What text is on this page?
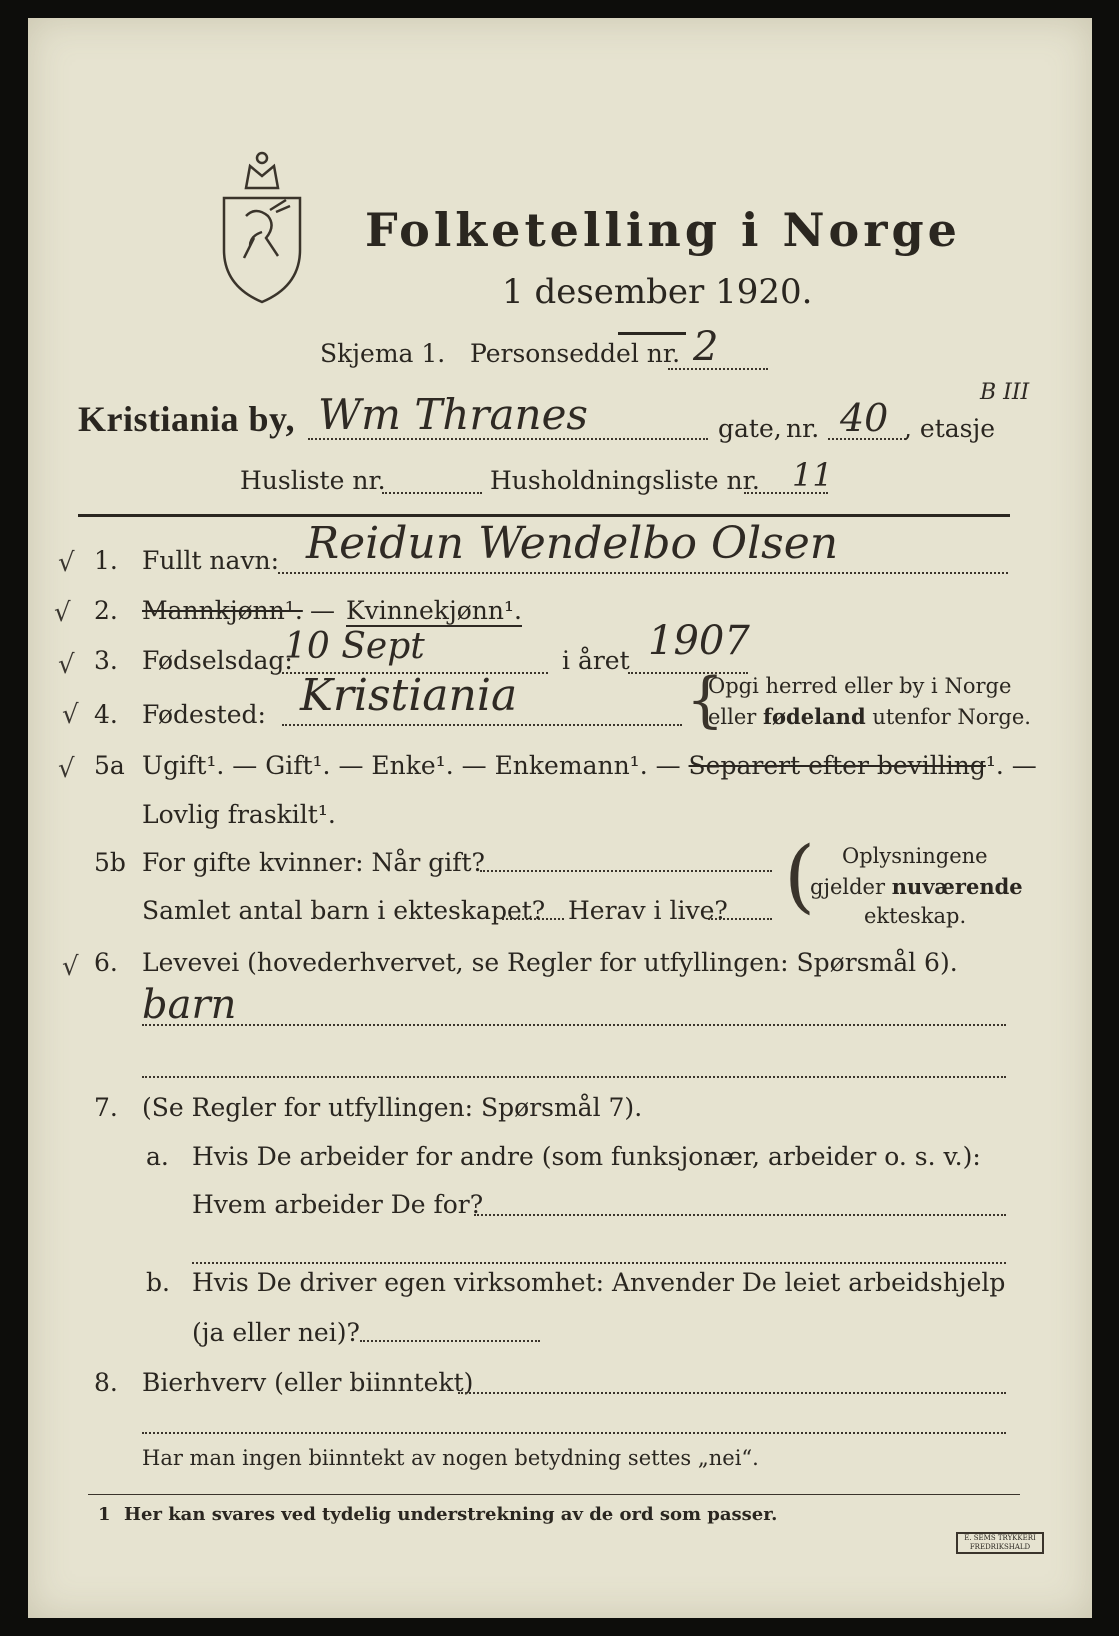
Folketelling i Norge
1 desember 1920.
Skjema 1. Personseddel nr. 2
Kristiania by, Wm Thranes	gate, nr. 40 , etasje
B III
Husliste nr.	Husholdningsliste nr. 11
√
√
√
√
√
√
1. Fullt navn: Reidun Wendelbo Olsen
2. Mannkjønn¹. — Kvinnekjønn¹.
3. Fødselsdag:
10 Sept	i året 1907
4. Fødested: Kristiania	{
Opgi herred eller by i Norge
eller fødeland utenfor Norge.
5a Ugift¹. — Gift¹. — Enke¹. — Enkemann¹. — Separert efter bevilling¹. —
Lovlig fraskilt¹.
5b For gifte kvinner: Når gift?
Samlet antal barn i ekteskapet? Herav i live? ( Oplysningene
gjelder nuværende
ekteskap.
6. Levevei (hovederhvervet, se Regler for utfyllingen: Spørsmål 6).
barn
7. (Se Regler for utfyllingen: Spørsmål 7).
a. Hvis De arbeider for andre (som funksjonær, arbeider o. s. v.):
Hvem arbeider De for?
b. Hvis De driver egen virksomhet: Anvender De leiet arbeidshjelp
(ja eller nei)?
8. Bierhverv (eller biinntekt)
Har man ingen biinntekt av nogen betydning settes „nei“.
1 Her kan svares ved tydelig understrekning av de ord som passer.
E. SEMS TRYKKERI
FREDRIKSHALD
